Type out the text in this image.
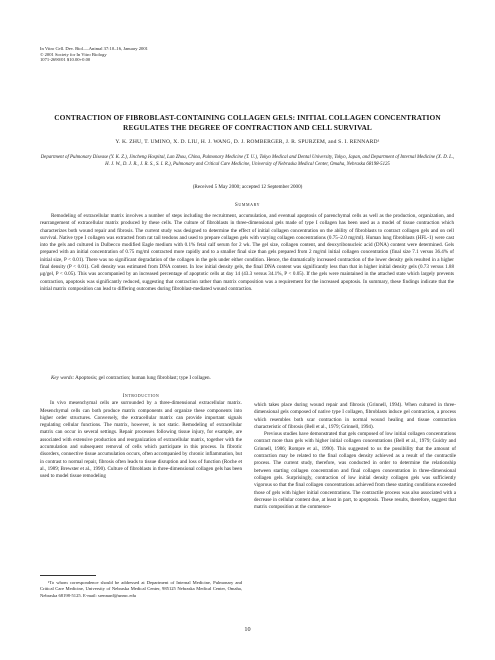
In Vitro Cell. Dev. Biol.—Animal 37:10–16, January 2001
© 2001 Society for In Vitro Biology
1071-2690/01 $10.00+0.00
CONTRACTION OF FIBROBLAST-CONTAINING COLLAGEN GELS: INITIAL COLLAGEN CONCENTRATION REGULATES THE DEGREE OF CONTRACTION AND CELL SURVIVAL
Y. K. ZHU, T. UMINO, X. D. LIU, H. J. WANG, D. J. ROMBERGER, J. R. SPURZEM, and S. I. RENNARD¹
Department of Pulmonary Disease (Y. K. Z.), Jincheng Hospital, Lan Zhou, China, Pulmonary Medicine (T. U.), Tokyo Medical and Dental University, Tokyo, Japan, and Department of Internal Medicine (X. D. L., H. J. W., D. J. R., J. R. S., S. I. R.), Pulmonary and Critical Care Medicine, University of Nebraska Medical Center, Omaha, Nebraska 68198-5125
(Received 5 May 2000; accepted 12 September 2000)
Summary

Remodeling of extracellular matrix involves a number of steps including the recruitment, accumulation, and eventual apoptosis of parenchymal cells as well as the production, organization, and rearrangement of extracellular matrix produced by these cells. The culture of fibroblasts in three-dimensional gels made of type I collagen has been used as a model of tissue contraction which characterizes both wound repair and fibrosis. The current study was designed to determine the effect of initial collagen concentration on the ability of fibroblasts to contract collagen gels and on cell survival. Native type I collagen was extracted from rat tail tendons and used to prepare collagen gels with varying collagen concentrations (0.75–2.0 mg/ml). Human lung fibroblasts (HFL-1) were cast into the gels and cultured in Dulbecco modified Eagle medium with 0.1% fetal calf serum for 2 wk. The gel size, collagen content, and deoxyribonucleic acid (DNA) content were determined. Gels prepared with an initial concentration of 0.75 mg/ml contracted more rapidly and to a smaller final size than gels prepared from 2 mg/ml initial collagen concentration (final size 7.1 versus 36.4% of initial size, P < 0.01). There was no significant degradation of the collagen in the gels under either condition. Hence, the dramatically increased contraction of the lower density gels resulted in a higher final density (P < 0.01). Cell density was estimated from DNA content. In low initial density gels, the final DNA content was significantly less than that in higher initial density gels (0.73 versus 1.88 μg/gel, P < 0.05). This was accompanied by an increased percentage of apoptotic cells at day 14 (43.3 versus 34.1%, P < 0.05). If the gels were maintained in the attached state which largely prevents contraction, apoptosis was significantly reduced, suggesting that contraction rather than matrix composition was a requirement for the increased apoptosis. In summary, these findings indicate that the initial matrix composition can lead to differing outcomes during fibroblast-mediated wound contraction.

Key words: Apoptosis; gel contraction; human lung fibroblast; type I collagen.

Introduction

In vivo mesenchymal cells are surrounded by a three-dimensional extracellular matrix. Mesenchymal cells can both produce matrix components and organize these components into higher order structures. Conversely, the extracellular matrix can provide important signals regulating cellular functions. The matrix, however, is not static. Remodeling of extracellular matrix can occur in several settings. Repair processes following tissue injury, for example, are associated with extensive production and reorganization of extracellular matrix, together with the accumulation and subsequent removal of cells which participate in this process. In fibrotic disorders, connective tissue accumulation occurs, often accompanied by chronic inflammation, but in contrast to normal repair, fibrosis often leads to tissue disruption and loss of function (Roche et al., 1989; Brewster et al., 1990). Culture of fibroblasts in three-dimensional collagen gels has been used to model tissue remodeling

¹To whom correspondence should be addressed at Department of Internal Medicine, Pulmonary and Critical Care Medicine, University of Nebraska Medical Center, 985125 Nebraska Medical Center, Omaha, Nebraska 68198-5125. E-mail: srennard@unmc.edu

which takes place during wound repair and fibrosis (Grinnell, 1994). When cultured in three-dimensional gels composed of native type I collagen, fibroblasts induce gel contraction, a process which resembles both scar contraction in normal wound healing and tissue contraction characteristic of fibrosis (Bell et al., 1979; Grinnell, 1994).

Previous studies have demonstrated that gels composed of low initial collagen concentrations contract more than gels with higher initial collagen concentrations (Bell et al., 1979; Guidry and Grinnell, 1986; Rompre et al., 1990). This suggested to us the possibility that the amount of contraction may be related to the final collagen density achieved as a result of the contractile process. The current study, therefore, was conducted in order to determine the relationship between starting collagen concentration and final collagen concentration in three-dimensional collagen gels. Surprisingly, contraction of low initial density collagen gels was sufficiently vigorous so that the final collagen concentrations achieved from these starting conditions exceeded those of gels with higher initial concentrations. The contractile process was also associated with a decrease in cellular content due, at least in part, to apoptosis. These results, therefore, suggest that matrix composition at the commence-

10
